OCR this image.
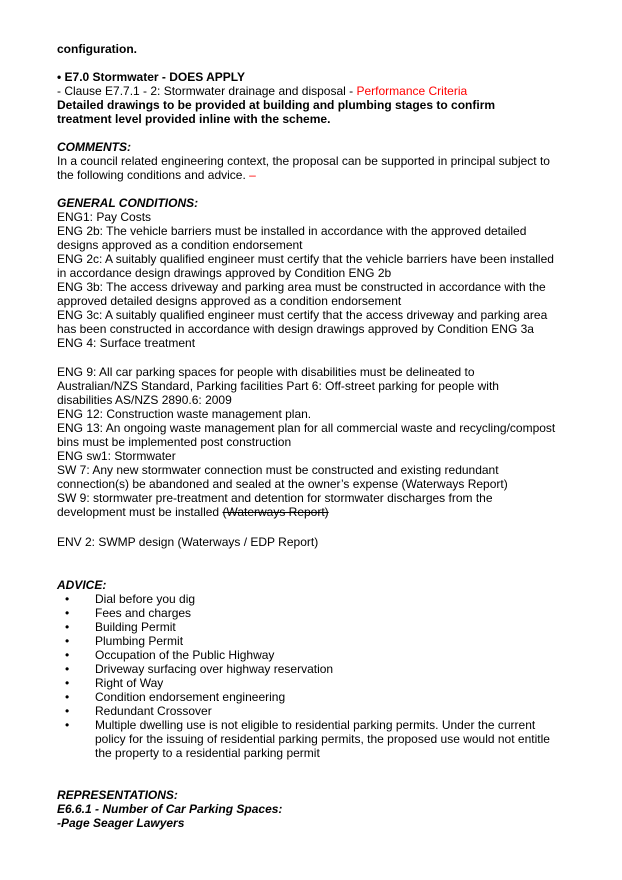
configuration.
• E7.0 Stormwater - DOES APPLY
- Clause E7.7.1 - 2: Stormwater drainage and disposal - Performance Criteria
Detailed drawings to be provided at building and plumbing stages to confirm
treatment level provided inline with the scheme.
COMMENTS:
In a council related engineering context, the proposal can be supported in principal subject to
the following conditions and advice. –
GENERAL CONDITIONS:
ENG1: Pay Costs
ENG 2b: The vehicle barriers must be installed in accordance with the approved detailed
designs approved as a condition endorsement
ENG 2c: A suitably qualified engineer must certify that the vehicle barriers have been installed
in accordance design drawings approved by Condition ENG 2b
ENG 3b: The access driveway and parking area must be constructed in accordance with the
approved detailed designs approved as a condition endorsement
ENG 3c: A suitably qualified engineer must certify that the access driveway and parking area
has been constructed in accordance with design drawings approved by Condition ENG 3a
ENG 4: Surface treatment
ENG 9: All car parking spaces for people with disabilities must be delineated to
Australian/NZS Standard, Parking facilities Part 6: Off-street parking for people with
disabilities AS/NZS 2890.6: 2009
ENG 12: Construction waste management plan.
ENG 13: An ongoing waste management plan for all commercial waste and recycling/compost
bins must be implemented post construction
ENG sw1: Stormwater
SW 7: Any new stormwater connection must be constructed and existing redundant
connection(s) be abandoned and sealed at the owner’s expense (Waterways Report)
SW 9: stormwater pre-treatment and detention for stormwater discharges from the
development must be installed (Waterways Report)
ENV 2: SWMP design (Waterways / EDP Report)
ADVICE:
• Dial before you dig
• Fees and charges
• Building Permit
• Plumbing Permit
• Occupation of the Public Highway
• Driveway surfacing over highway reservation
• Right of Way
• Condition endorsement engineering
• Redundant Crossover
• Multiple dwelling use is not eligible to residential parking permits. Under the current
policy for the issuing of residential parking permits, the proposed use would not entitle
the property to a residential parking permit
REPRESENTATIONS:
E6.6.1 - Number of Car Parking Spaces:
-Page Seager Lawyers
